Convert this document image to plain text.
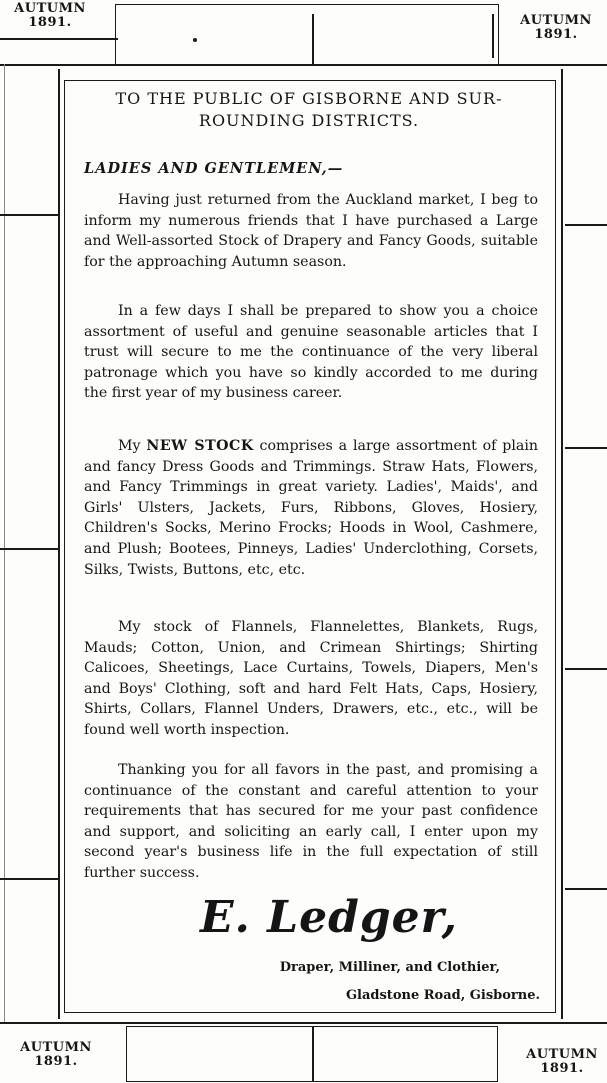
AUTUMN
1891.	AUTUMN
1891.
TO THE PUBLIC OF GISBORNE AND SUR-
ROUNDING DISTRICTS.
LADIES AND GENTLEMEN,—
Having just returned from the Auckland market, I beg to inform my numerous friends that I have purchased a Large and Well-assorted Stock of Drapery and Fancy Goods, suitable for the approaching Autumn season.
In a few days I shall be prepared to show you a choice assortment of useful and genuine seasonable articles that I trust will secure to me the continuance of the very liberal patronage which you have so kindly accorded to me during the first year of my business career.
My NEW STOCK comprises a large assortment of plain and fancy Dress Goods and Trimmings. Straw Hats, Flowers, and Fancy Trimmings in great variety. Ladies', Maids', and Girls' Ulsters, Jackets, Furs, Ribbons, Gloves, Hosiery, Children's Socks, Merino Frocks; Hoods in Wool, Cashmere, and Plush; Bootees, Pinneys, Ladies' Underclothing, Corsets, Silks, Twists, Buttons, etc, etc.
My stock of Flannels, Flannelettes, Blankets, Rugs, Mauds; Cotton, Union, and Crimean Shirtings; Shirting Calicoes, Sheetings, Lace Curtains, Towels, Diapers, Men's and Boys' Clothing, soft and hard Felt Hats, Caps, Hosiery, Shirts, Collars, Flannel Unders, Drawers, etc., etc., will be found well worth inspection.
Thanking you for all favors in the past, and promising a continuance of the constant and careful attention to your requirements that has secured for me your past confidence and support, and soliciting an early call, I enter upon my second year's business life in the full expectation of still further success.
E. Ledger,
Draper, Milliner, and Clothier,
Gladstone Road, Gisborne.
AUTUMN
1891.	AUTUMN
1891.
